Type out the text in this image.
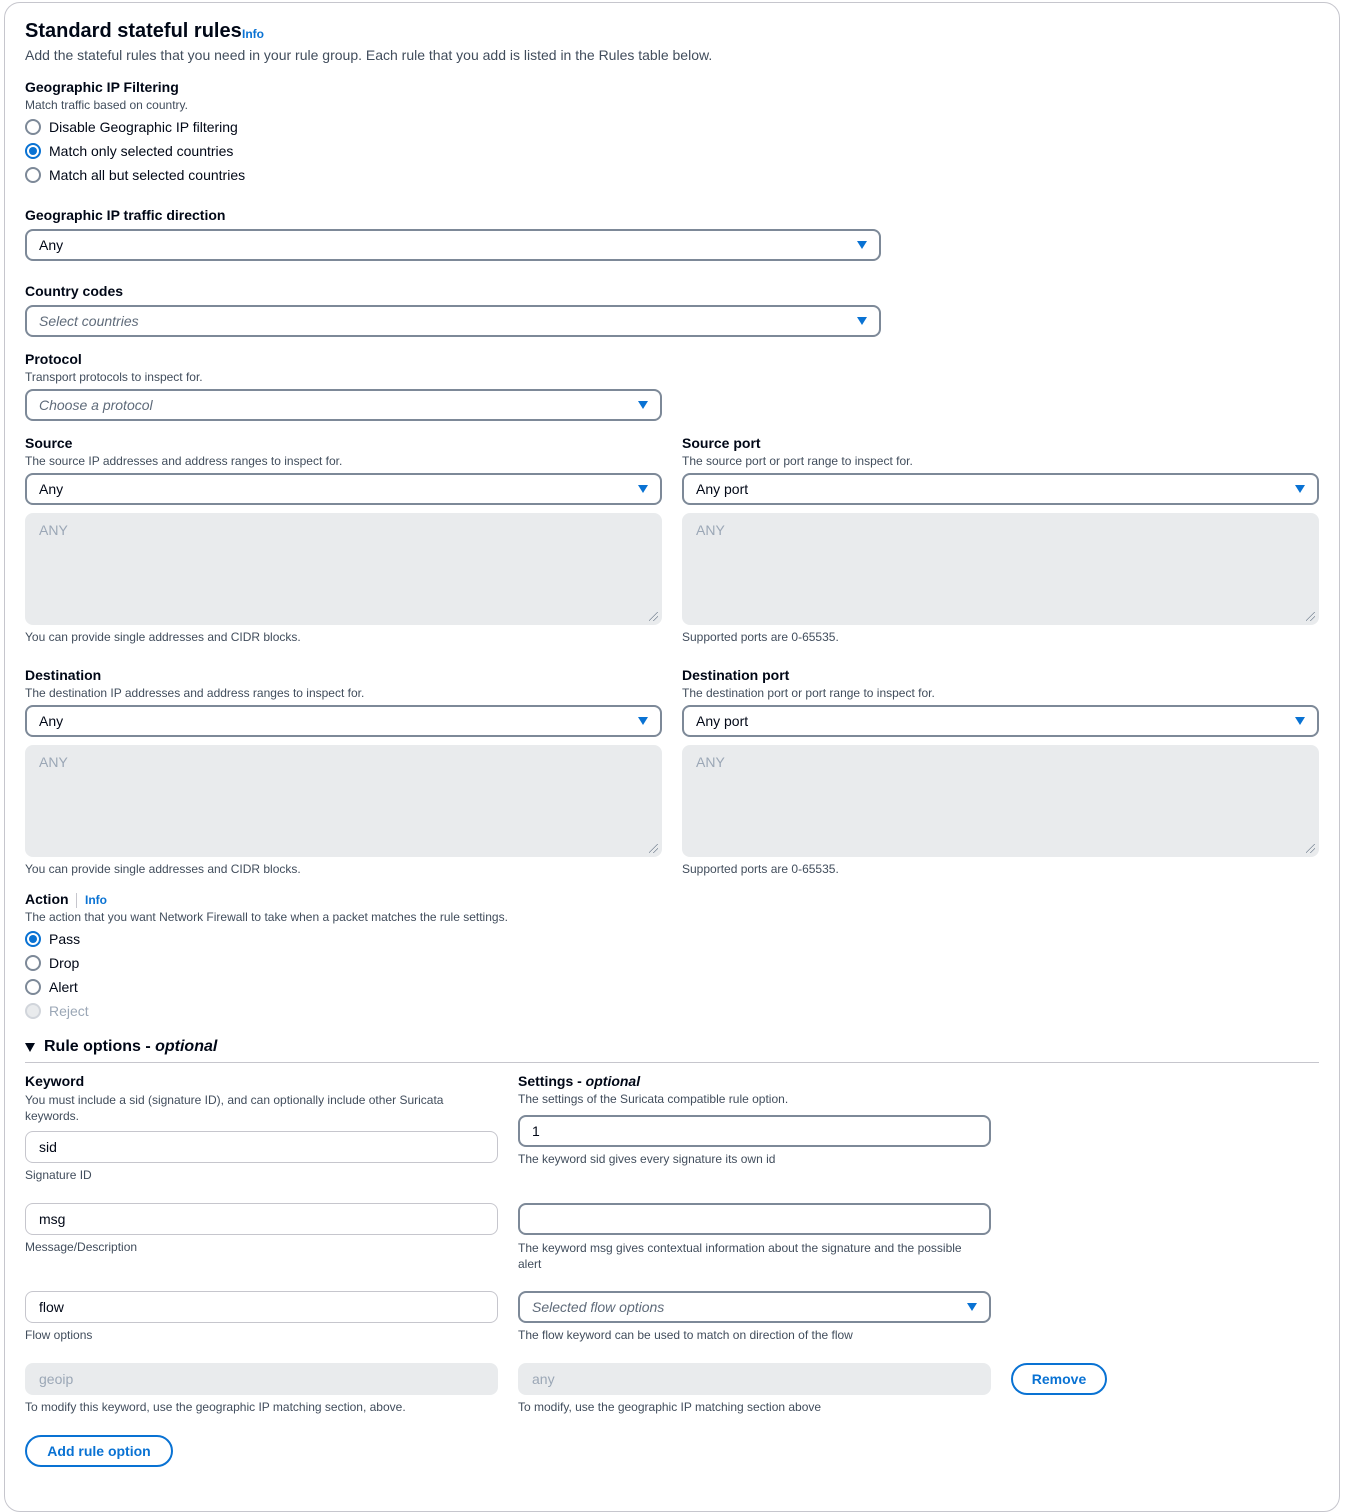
Standard stateful rules Info
Add the stateful rules that you need in your rule group. Each rule that you add is listed in the Rules table below.
Geographic IP Filtering
Match traffic based on country.
Disable Geographic IP filtering
Match only selected countries
Match all but selected countries
Geographic IP traffic direction
Any
Country codes
Select countries
Protocol
Transport protocols to inspect for.
Choose a protocol
Source
The source IP addresses and address ranges to inspect for.
Any
ANY
You can provide single addresses and CIDR blocks.
Source port
The source port or port range to inspect for.
Any port
ANY
Supported ports are 0-65535.
Destination
The destination IP addresses and address ranges to inspect for.
Any
ANY
You can provide single addresses and CIDR blocks.
Destination port
The destination port or port range to inspect for.
Any port
ANY
Supported ports are 0-65535.
Action Info
The action that you want Network Firewall to take when a packet matches the rule settings.
Pass
Drop
Alert
Reject
Rule options - optional
Keyword
You must include a sid (signature ID), and can optionally include other Suricata keywords.
Settings - optional
The settings of the Suricata compatible rule option.
sid
Signature ID
1
The keyword sid gives every signature its own id
msg
Message/Description	The keyword msg gives contextual information about the signature and the possible alert
flow
Flow options
Selected flow options
The flow keyword can be used to match on direction of the flow
geoip
To modify this keyword, use the geographic IP matching section, above.
any
To modify, use the geographic IP matching section above
Remove
Add rule option
